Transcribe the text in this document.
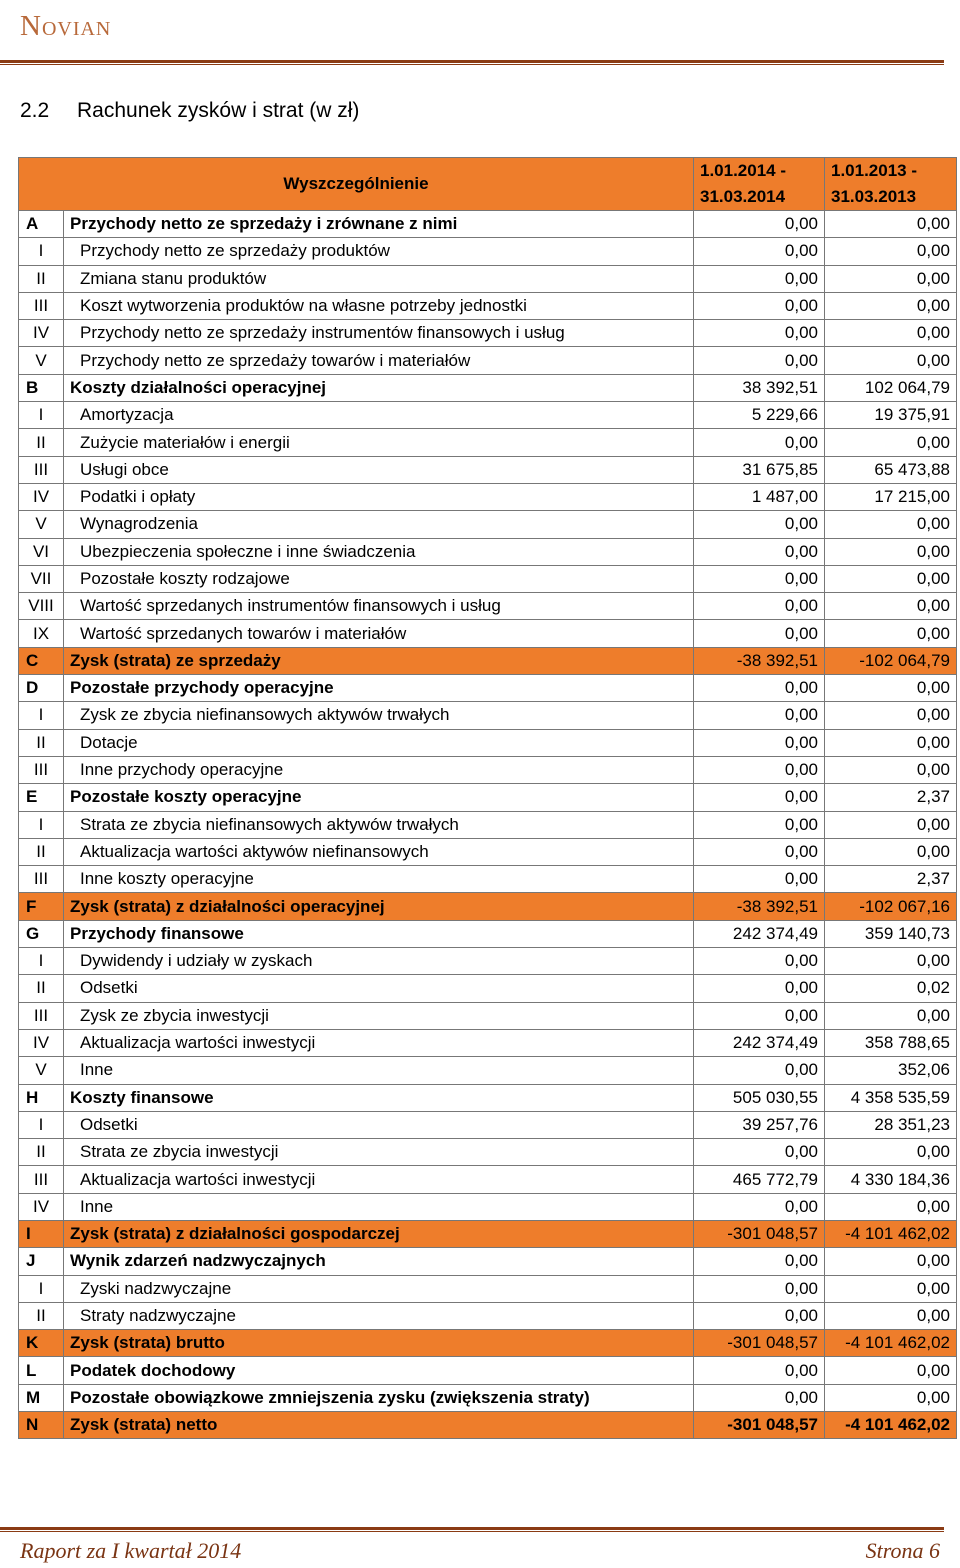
Novian
2.2 Rachunek zysków i strat (w zł)
Wyszczególnienie		1.01.2014 - 31.03.2014	1.01.2013 - 31.03.2013
A	Przychody netto ze sprzedaży i zrównane z nimi	0,00	0,00
I	Przychody netto ze sprzedaży produktów	0,00	0,00
II	Zmiana stanu produktów	0,00	0,00
III	Koszt wytworzenia produktów na własne potrzeby jednostki	0,00	0,00
IV	Przychody netto ze sprzedaży instrumentów finansowych i usług	0,00	0,00
V	Przychody netto ze sprzedaży towarów i materiałów	0,00	0,00
B	Koszty działalności operacyjnej	38 392,51	102 064,79
I	Amortyzacja	5 229,66	19 375,91
II	Zużycie materiałów i energii	0,00	0,00
III	Usługi obce	31 675,85	65 473,88
IV	Podatki i opłaty	1 487,00	17 215,00
V	Wynagrodzenia	0,00	0,00
VI	Ubezpieczenia społeczne i inne świadczenia	0,00	0,00
VII	Pozostałe koszty rodzajowe	0,00	0,00
VIII	Wartość sprzedanych instrumentów finansowych i usług	0,00	0,00
IX	Wartość sprzedanych towarów i materiałów	0,00	0,00
C	Zysk (strata) ze sprzedaży	-38 392,51	-102 064,79
D	Pozostałe przychody operacyjne	0,00	0,00
I	Zysk ze zbycia niefinansowych aktywów trwałych	0,00	0,00
II	Dotacje	0,00	0,00
III	Inne przychody operacyjne	0,00	0,00
E	Pozostałe koszty operacyjne	0,00	2,37
I	Strata ze zbycia niefinansowych aktywów trwałych	0,00	0,00
II	Aktualizacja wartości aktywów niefinansowych	0,00	0,00
III	Inne koszty operacyjne	0,00	2,37
F	Zysk (strata) z działalności operacyjnej	-38 392,51	-102 067,16
G	Przychody finansowe	242 374,49	359 140,73
I	Dywidendy i udziały w zyskach	0,00	0,00
II	Odsetki	0,00	0,02
III	Zysk ze zbycia inwestycji	0,00	0,00
IV	Aktualizacja wartości inwestycji	242 374,49	358 788,65
V	Inne	0,00	352,06
H	Koszty finansowe	505 030,55	4 358 535,59
I	Odsetki	39 257,76	28 351,23
II	Strata ze zbycia inwestycji	0,00	0,00
III	Aktualizacja wartości inwestycji	465 772,79	4 330 184,36
IV	Inne	0,00	0,00
I	Zysk (strata) z działalności gospodarczej	-301 048,57	-4 101 462,02
J	Wynik zdarzeń nadzwyczajnych	0,00	0,00
I	Zyski nadzwyczajne	0,00	0,00
II	Straty nadzwyczajne	0,00	0,00
K	Zysk (strata) brutto	-301 048,57	-4 101 462,02
L	Podatek dochodowy	0,00	0,00
M	Pozostałe obowiązkowe zmniejszenia zysku (zwiększenia straty)	0,00	0,00
N	Zysk (strata) netto	-301 048,57	-4 101 462,02
Raport za I kwartał 2014	Strona 6
